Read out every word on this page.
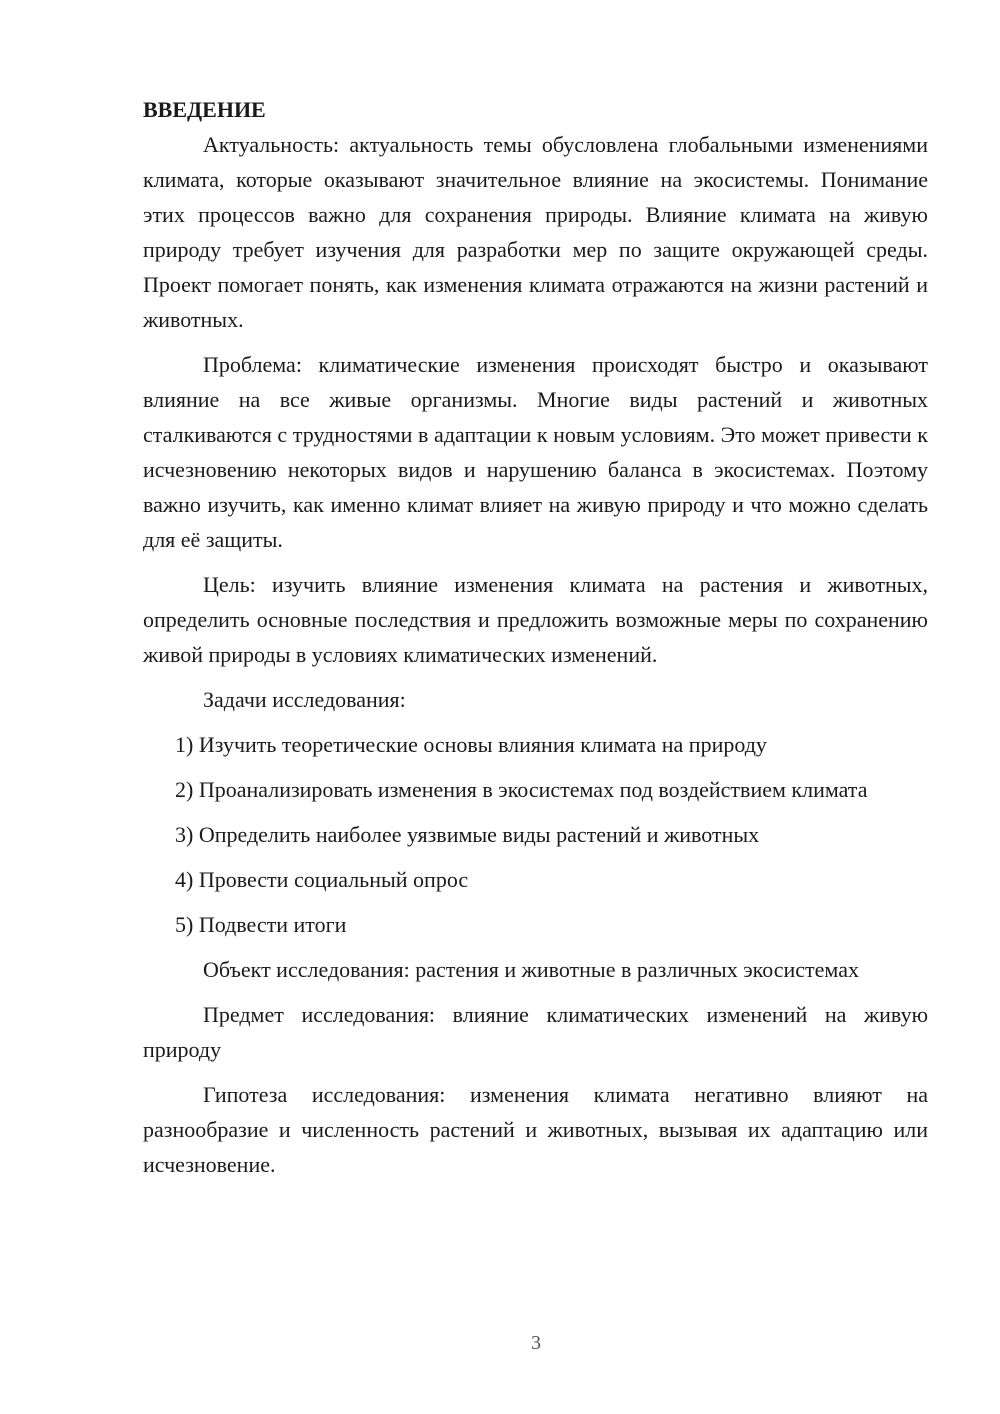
ВВЕДЕНИЕ

Актуальность: актуальность темы обусловлена глобальными изменениями климата, которые оказывают значительное влияние на экосистемы. Понимание этих процессов важно для сохранения природы. Влияние климата на живую природу требует изучения для разработки мер по защите окружающей среды. Проект помогает понять, как изменения климата отражаются на жизни растений и животных.

Проблема: климатические изменения происходят быстро и оказывают влияние на все живые организмы. Многие виды растений и животных сталкиваются с трудностями в адаптации к новым условиям. Это может привести к исчезновению некоторых видов и нарушению баланса в экосистемах. Поэтому важно изучить, как именно климат влияет на живую природу и что можно сделать для её защиты.

Цель: изучить влияние изменения климата на растения и животных, определить основные последствия и предложить возможные меры по сохранению живой природы в условиях климатических изменений.

Задачи исследования:

1) Изучить теоретические основы влияния климата на природу

2) Проанализировать изменения в экосистемах под воздействием климата

3) Определить наиболее уязвимые виды растений и животных

4) Провести социальный опрос

5) Подвести итоги

Объект исследования: растения и животные в различных экосистемах

Предмет исследования: влияние климатических изменений на живую природу

Гипотеза исследования: изменения климата негативно влияют на разнообразие и численность растений и животных, вызывая их адаптацию или исчезновение.

3
